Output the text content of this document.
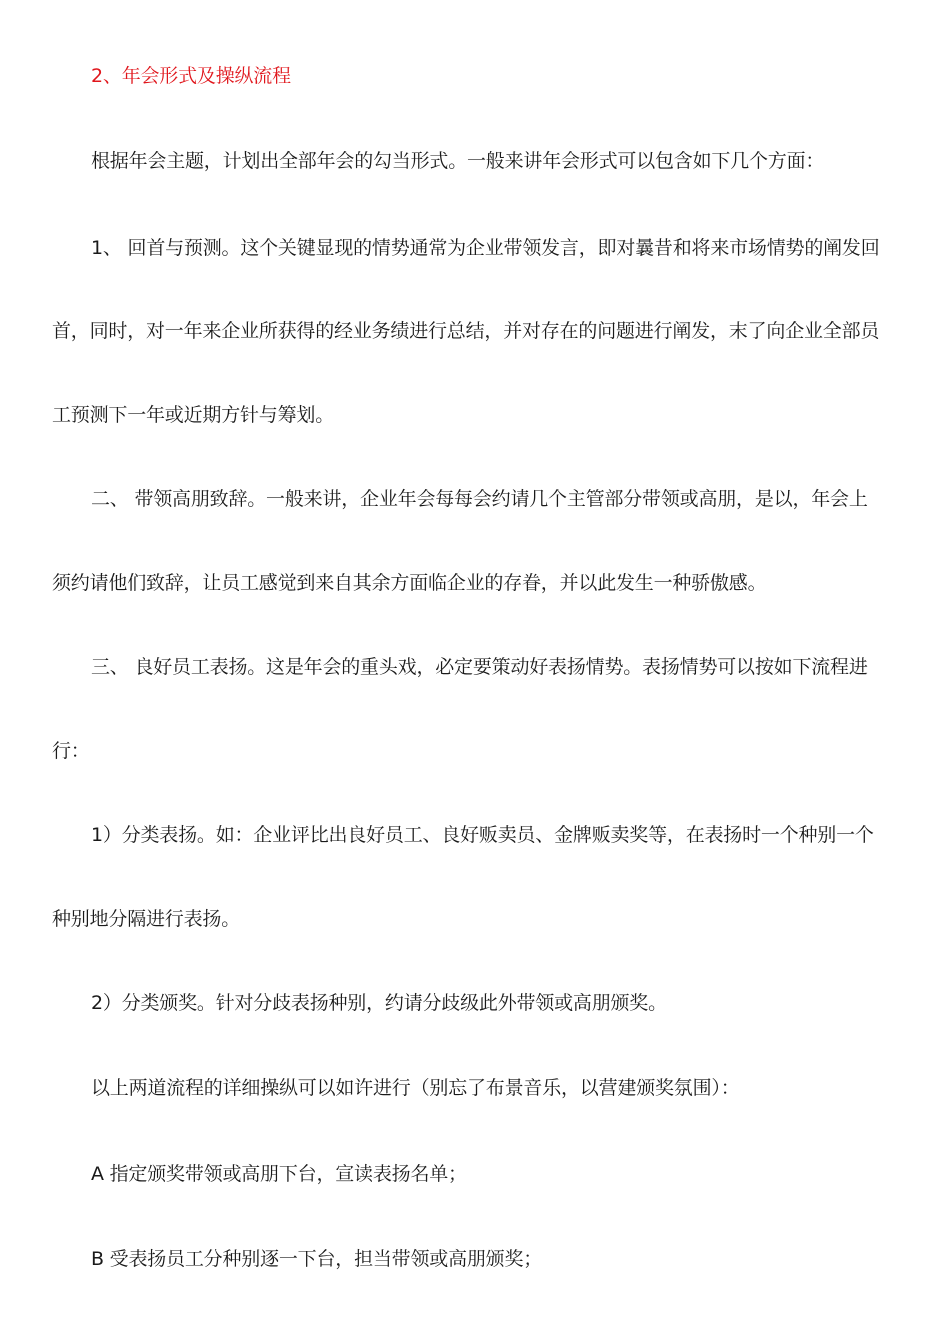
2、年会形式及操纵流程
根据年会主题，计划出全部年会的勾当形式。一般来讲年会形式可以包含如下几个方面：
1、 回首与预测。这个关键显现的情势通常为企业带领发言，即对曩昔和将来市场情势的阐发回
首，同时，对一年来企业所获得的经业务绩进行总结，并对存在的问题进行阐发，末了向企业全部员
工预测下一年或近期方针与筹划。
二、 带领高朋致辞。一般来讲，企业年会每每会约请几个主管部分带领或高朋，是以，年会上
须约请他们致辞，让员工感觉到来自其余方面临企业的存眷，并以此发生一种骄傲感。
三、 良好员工表扬。这是年会的重头戏，必定要策动好表扬情势。表扬情势可以按如下流程进
行：
1）分类表扬。如：企业评比出良好员工、良好贩卖员、金牌贩卖奖等，在表扬时一个种别一个
种别地分隔进行表扬。
2）分类颁奖。针对分歧表扬种别，约请分歧级此外带领或高朋颁奖。
以上两道流程的详细操纵可以如许进行（别忘了布景音乐，以营建颁奖氛围）：
A 指定颁奖带领或高朋下台，宣读表扬名单；
B 受表扬员工分种别逐一下台，担当带领或高朋颁奖；
